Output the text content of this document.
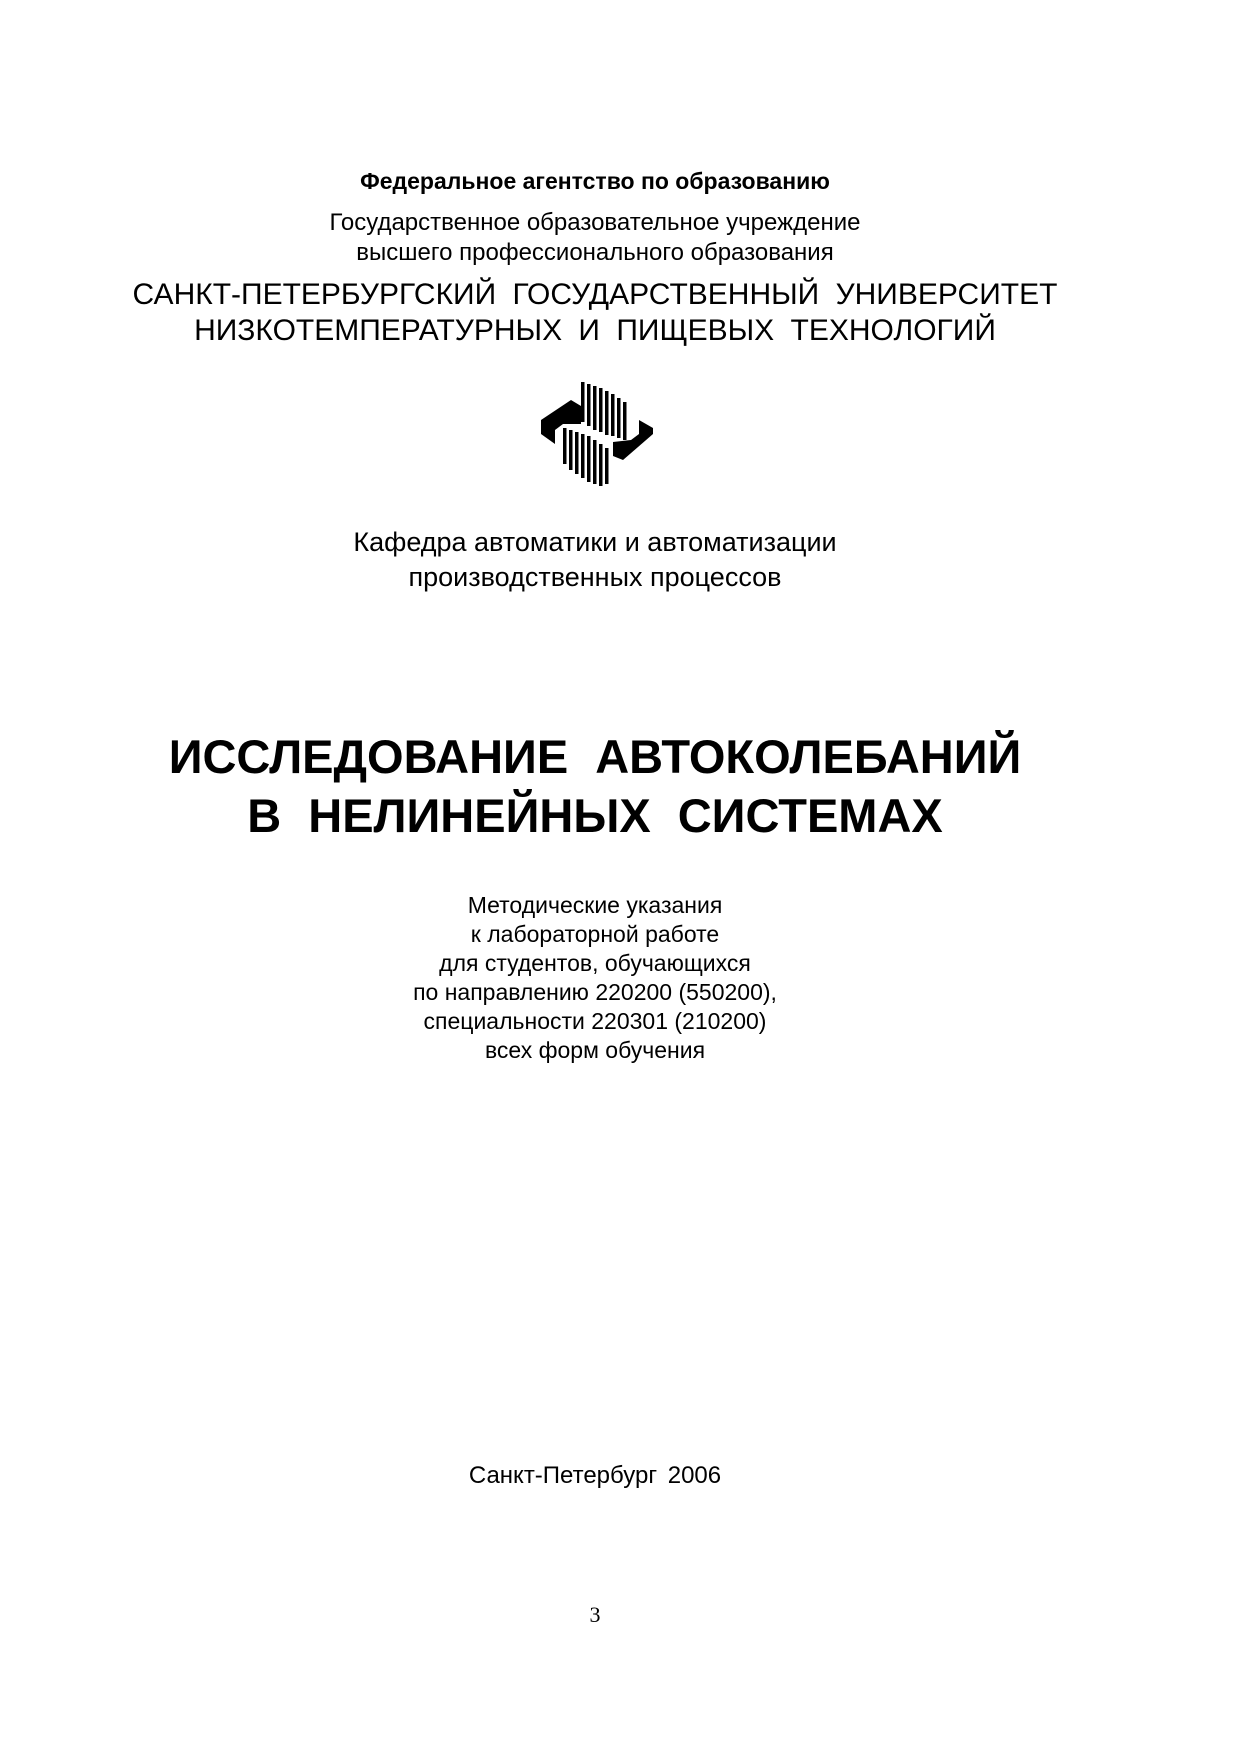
Федеральное агентство по образованию
Государственное образовательное учреждение
высшего профессионального образования
САНКТ-ПЕТЕРБУРГСКИЙ ГОСУДАРСТВЕННЫЙ УНИВЕРСИТЕТ
НИЗКОТЕМПЕРАТУРНЫХ И ПИЩЕВЫХ ТЕХНОЛОГИЙ
Кафедра автоматики и автоматизации
производственных процессов
ИССЛЕДОВАНИЕ АВТОКОЛЕБАНИЙ
В НЕЛИНЕЙНЫХ СИСТЕМАХ
Методические указания
к лабораторной работе
для студентов, обучающихся
по направлению 220200 (550200),
специальности 220301 (210200)
всех форм обучения
Санкт-Петербург 2006
3
